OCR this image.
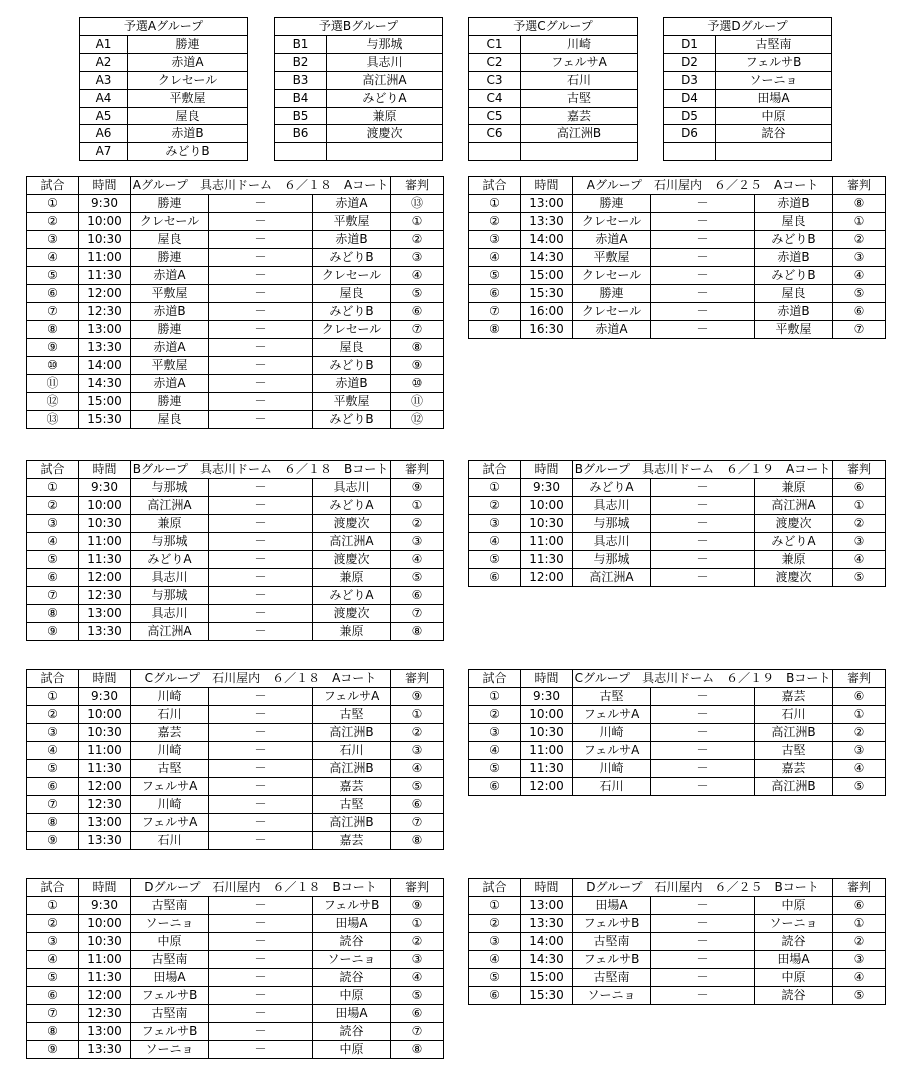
予選Aグループ	
A1	勝連
A2	赤道A
A3	クレセール
A4	平敷屋
A5	屋良
A6	赤道B
A7	みどりB
予選Bグループ	
B1	与那城
B2	具志川
B3	高江洲A
B4	みどりA
B5	兼原
B6	渡慶次

予選Cグループ	
C1	川崎
C2	フェルサA
C3	石川
C4	古堅
C5	嘉芸
C6	高江洲B

予選Dグループ	
D1	古堅南
D2	フェルサB
D3	ソーニョ
D4	田場A
D5	中原
D6	読谷

試合	時間	Aグループ　具志川ドーム　６／１８　Aコート			審判
①	9:30	勝連	－	赤道A	⑬
②	10:00	クレセール	－	平敷屋	①
③	10:30	屋良	－	赤道B	②
④	11:00	勝連	－	みどりB	③
⑤	11:30	赤道A	－	クレセール	④
⑥	12:00	平敷屋	－	屋良	⑤
⑦	12:30	赤道B	－	みどりB	⑥
⑧	13:00	勝連	－	クレセール	⑦
⑨	13:30	赤道A	－	屋良	⑧
⑩	14:00	平敷屋	－	みどりB	⑨
⑪	14:30	赤道A	－	赤道B	⑩
⑫	15:00	勝連	－	平敷屋	⑪
⑬	15:30	屋良	－	みどりB	⑫
試合	時間	Aグループ　石川屋内　６／２５　Aコート			審判
①	13:00	勝連	－	赤道B	⑧
②	13:30	クレセール	－	屋良	①
③	14:00	赤道A	－	みどりB	②
④	14:30	平敷屋	－	赤道B	③
⑤	15:00	クレセール	－	みどりB	④
⑥	15:30	勝連	－	屋良	⑤
⑦	16:00	クレセール	－	赤道B	⑥
⑧	16:30	赤道A	－	平敷屋	⑦
試合	時間	Bグループ　具志川ドーム　６／１８　Bコート			審判
①	9:30	与那城	－	具志川	⑨
②	10:00	高江洲A	－	みどりA	①
③	10:30	兼原	－	渡慶次	②
④	11:00	与那城	－	高江洲A	③
⑤	11:30	みどりA	－	渡慶次	④
⑥	12:00	具志川	－	兼原	⑤
⑦	12:30	与那城	－	みどりA	⑥
⑧	13:00	具志川	－	渡慶次	⑦
⑨	13:30	高江洲A	－	兼原	⑧
試合	時間	Bグループ　具志川ドーム　６／１９　Aコート			審判
①	9:30	みどりA	－	兼原	⑥
②	10:00	具志川	－	高江洲A	①
③	10:30	与那城	－	渡慶次	②
④	11:00	具志川	－	みどりA	③
⑤	11:30	与那城	－	兼原	④
⑥	12:00	高江洲A	－	渡慶次	⑤
試合	時間	Cグループ　石川屋内　６／１８　Aコート			審判
①	9:30	川崎	－	フェルサA	⑨
②	10:00	石川	－	古堅	①
③	10:30	嘉芸	－	高江洲B	②
④	11:00	川崎	－	石川	③
⑤	11:30	古堅	－	高江洲B	④
⑥	12:00	フェルサA	－	嘉芸	⑤
⑦	12:30	川崎	－	古堅	⑥
⑧	13:00	フェルサA	－	高江洲B	⑦
⑨	13:30	石川	－	嘉芸	⑧
試合	時間	Cグループ　具志川ドーム　６／１９　Bコート			審判
①	9:30	古堅	－	嘉芸	⑥
②	10:00	フェルサA	－	石川	①
③	10:30	川崎	－	高江洲B	②
④	11:00	フェルサA	－	古堅	③
⑤	11:30	川崎	－	嘉芸	④
⑥	12:00	石川	－	高江洲B	⑤
試合	時間	Dグループ　石川屋内　６／１８　Bコート			審判
①	9:30	古堅南	－	フェルサB	⑨
②	10:00	ソーニョ	－	田場A	①
③	10:30	中原	－	読谷	②
④	11:00	古堅南	－	ソーニョ	③
⑤	11:30	田場A	－	読谷	④
⑥	12:00	フェルサB	－	中原	⑤
⑦	12:30	古堅南	－	田場A	⑥
⑧	13:00	フェルサB	－	読谷	⑦
⑨	13:30	ソーニョ	－	中原	⑧
試合	時間	Dグループ　石川屋内　６／２５　Bコート			審判
①	13:00	田場A	－	中原	⑥
②	13:30	フェルサB	－	ソーニョ	①
③	14:00	古堅南	－	読谷	②
④	14:30	フェルサB	－	田場A	③
⑤	15:00	古堅南	－	中原	④
⑥	15:30	ソーニョ	－	読谷	⑤
